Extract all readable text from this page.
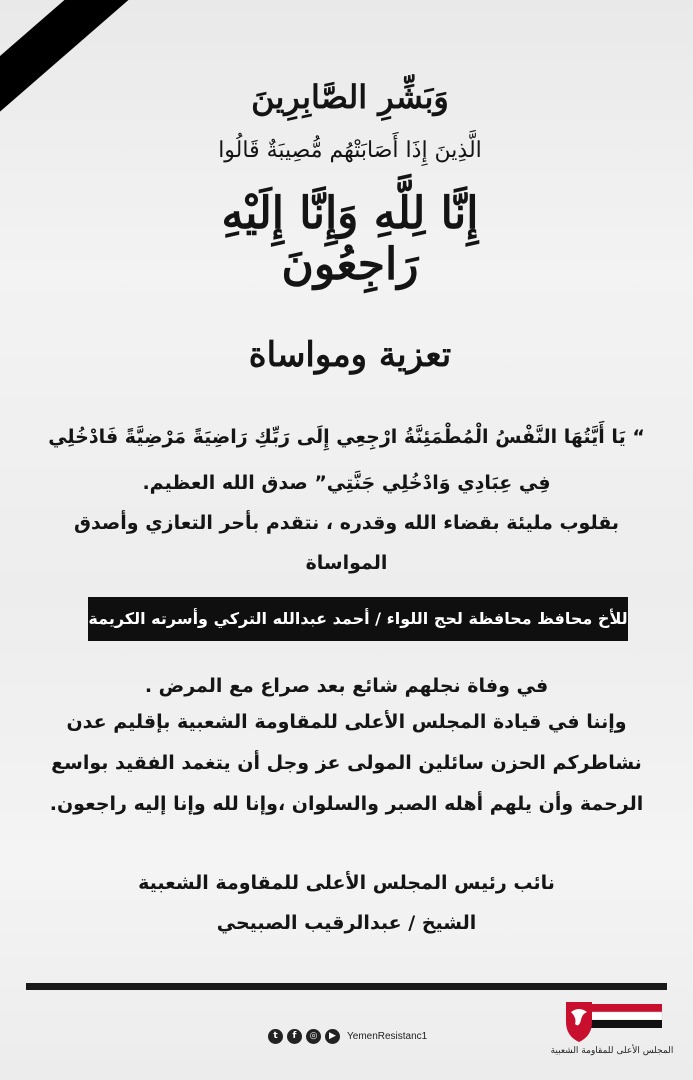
وَبَشِّرِ الصَّابِرِينَ
الَّذِينَ إِذَا أَصَابَتْهُم مُّصِيبَةٌ قَالُوا
إِنَّا لِلَّهِ وَإِنَّا إِلَيْهِ رَاجِعُونَ
تعزية ومواساة
“ يَا أَيَّتُهَا النَّفْسُ الْمُطْمَئِنَّةُ ارْجِعِي إِلَى رَبِّكِ رَاضِيَةً مَرْضِيَّةً فَادْخُلِي
فِي عِبَادِي وَادْخُلِي جَنَّتِي” صدق الله العظيم.
بقلوب مليئة بقضاء الله وقدره ، نتقدم بأحر التعازي وأصدق
المواساة
للأخ محافظ محافظة لحج اللواء / أحمد عبدالله التركي وأسرته الكريمة
في وفاة نجلهم شائع بعد صراع مع المرض .
وإننا في قيادة المجلس الأعلى للمقاومة الشعبية بإقليم عدن
نشاطركم الحزن سائلين المولى عز وجل أن يتغمد الفقيد بواسع
الرحمة وأن يلهم أهله الصبر والسلوان ،وإنا لله وإنا إليه راجعون.
نائب رئيس المجلس الأعلى للمقاومة الشعبية
الشيخ / عبدالرقيب الصبيحي
t	f	◎	▶	YemenResistanc1
المجلس الأعلى للمقاومة الشعبية
